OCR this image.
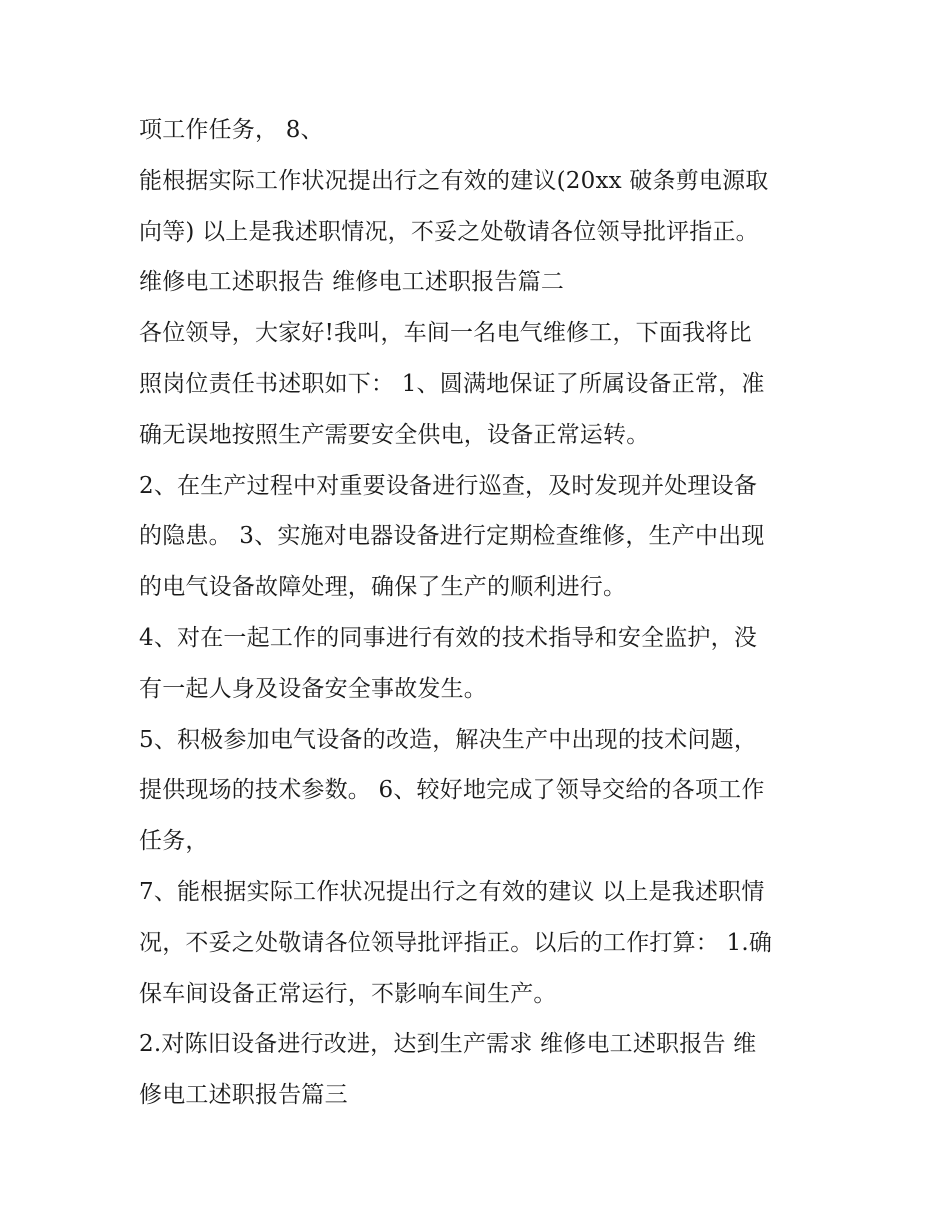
项工作任务， 8、
能根据实际工作状况提出行之有效的建议(20xx 破条剪电源取
向等) 以上是我述职情况，不妥之处敬请各位领导批评指正。
维修电工述职报告 维修电工述职报告篇二
各位领导，大家好!我叫，车间一名电气维修工，下面我将比
照岗位责任书述职如下： 1、圆满地保证了所属设备正常，准
确无误地按照生产需要安全供电，设备正常运转。
2、在生产过程中对重要设备进行巡查，及时发现并处理设备
的隐患。 3、实施对电器设备进行定期检查维修，生产中出现
的电气设备故障处理，确保了生产的顺利进行。
4、对在一起工作的同事进行有效的技术指导和安全监护，没
有一起人身及设备安全事故发生。
5、积极参加电气设备的改造，解决生产中出现的技术问题，
提供现场的技术参数。 6、较好地完成了领导交给的各项工作
任务，
7、能根据实际工作状况提出行之有效的建议 以上是我述职情
况，不妥之处敬请各位领导批评指正。以后的工作打算： 1.确
保车间设备正常运行，不影响车间生产。
2.对陈旧设备进行改进，达到生产需求 维修电工述职报告 维
修电工述职报告篇三
